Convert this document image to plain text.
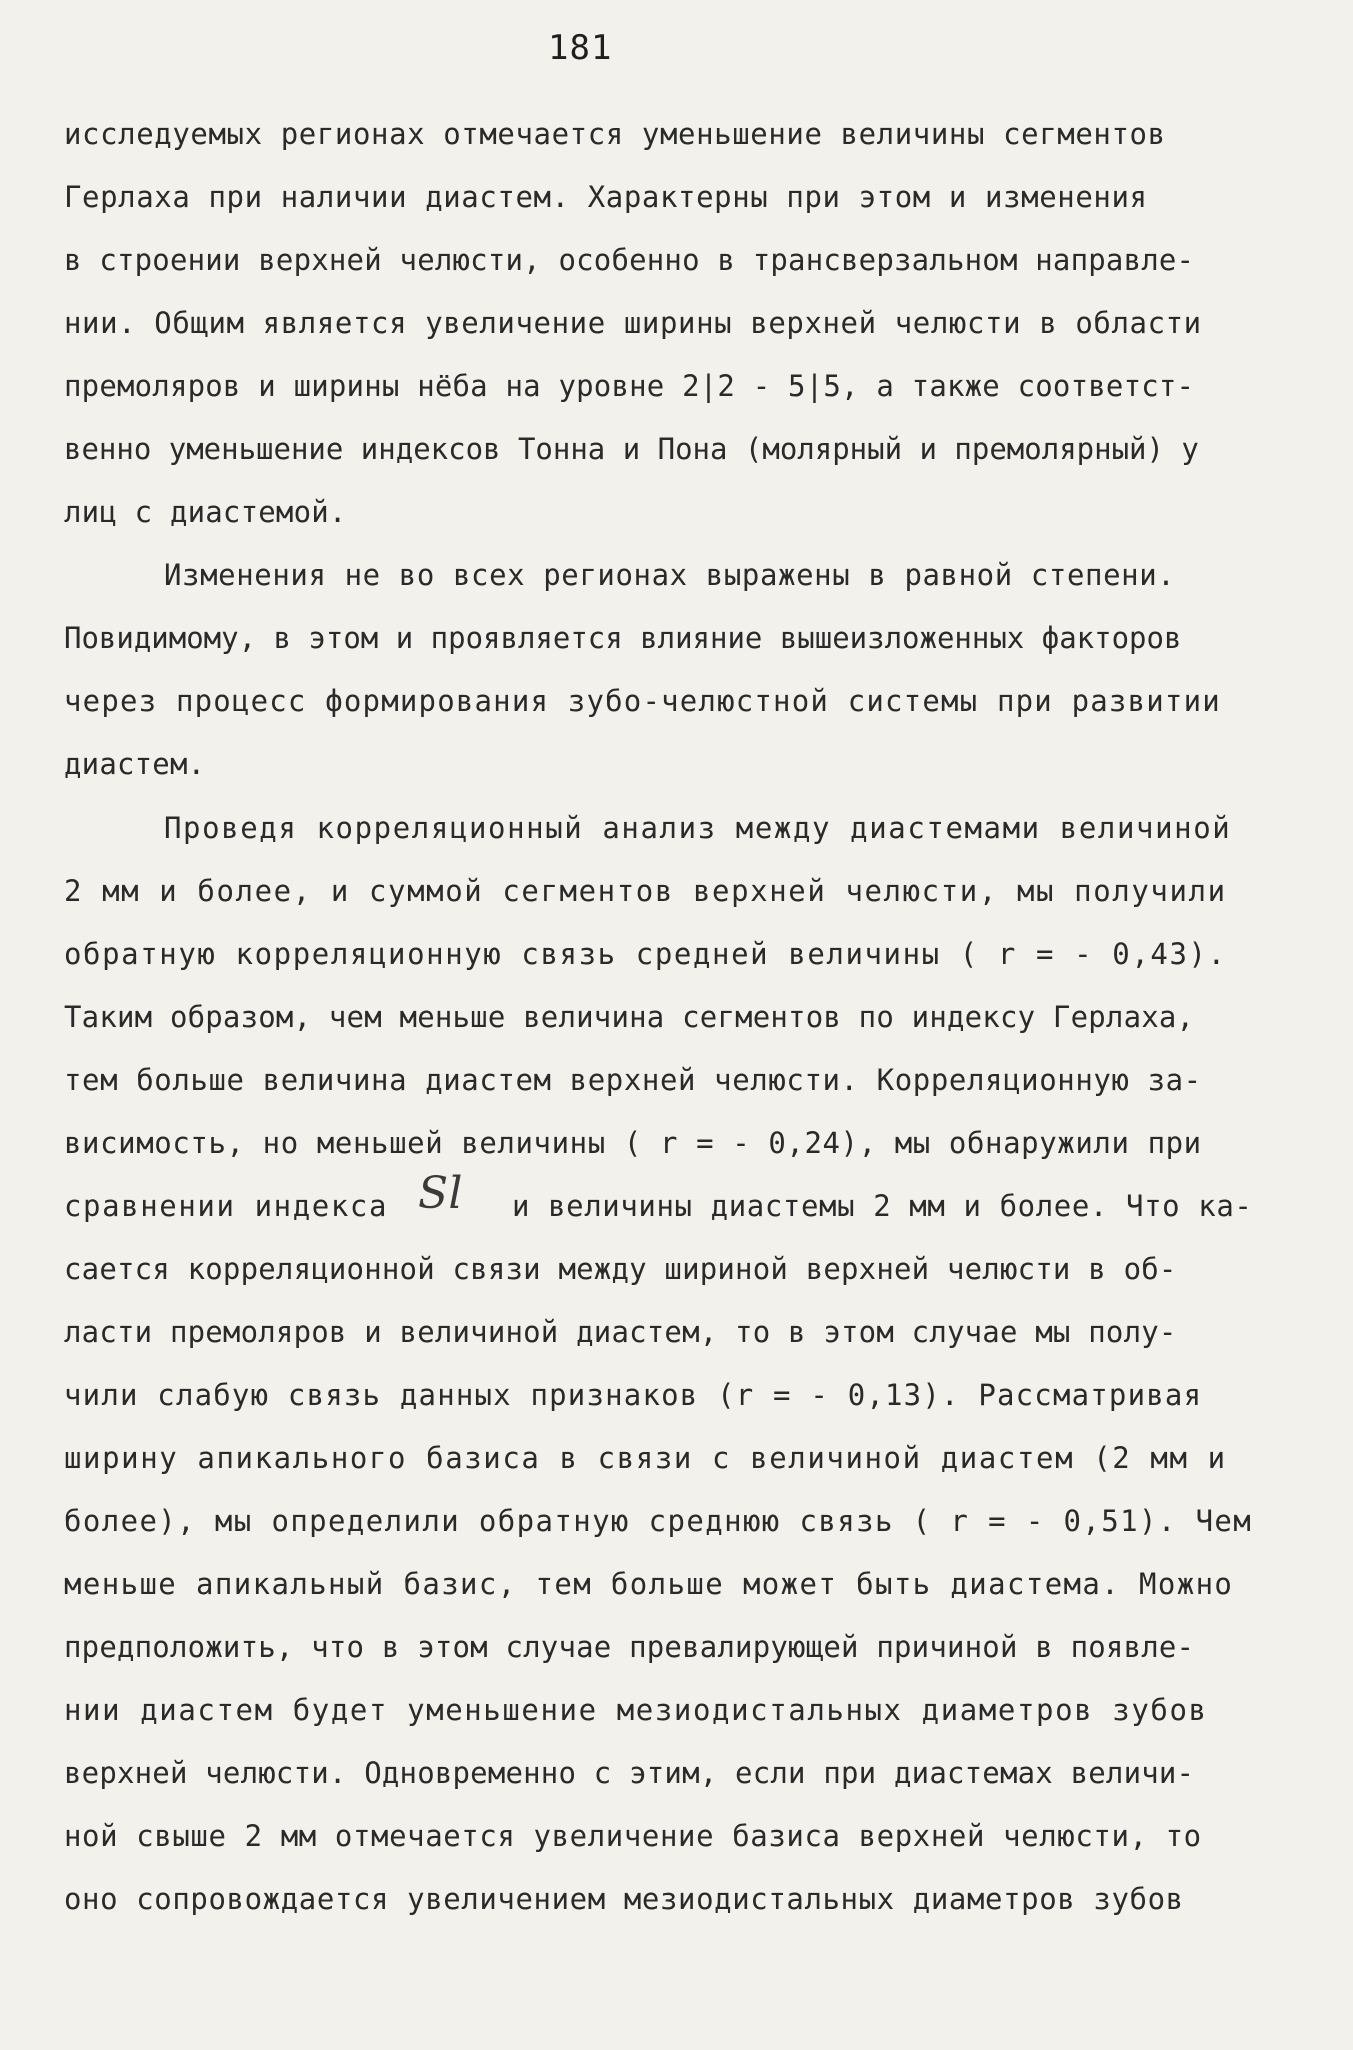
181
исследуемых регионах отмечается уменьшение величины сегментов
Герлаха при наличии диастем. Характерны при этом и изменения
в строении верхней челюсти, особенно в трансверзальном направле-
нии. Общим является увеличение ширины верхней челюсти в области
премоляров и ширины нёба на уровне 2|2 - 5|5, а также соответст-
венно уменьшение индексов Тонна и Пона (молярный и премолярный) у
лиц с диастемой.
Изменения не во всех регионах выражены в равной степени.
Повидимому, в этом и проявляется влияние вышеизложенных факторов
через процесс формирования зубо-челюстной системы при развитии
диастем.
Проведя корреляционный анализ между диастемами величиной
2 мм и более, и суммой сегментов верхней челюсти, мы получили
обратную корреляционную связь средней величины ( r = - 0,43).
Таким образом, чем меньше величина сегментов по индексу Герлаха,
тем больше величина диастем верхней челюсти. Корреляционную за-
висимость, но меньшей величины ( r = - 0,24), мы обнаружили при
сравнении индекса Sl и величины диастемы 2 мм и более. Что ка-
сается корреляционной связи между шириной верхней челюсти в об-
ласти премоляров и величиной диастем, то в этом случае мы полу-
чили слабую связь данных признаков (r = - 0,13). Рассматривая
ширину апикального базиса в связи с величиной диастем (2 мм и
более), мы определили обратную среднюю связь ( r = - 0,51). Чем
меньше апикальный базис, тем больше может быть диастема. Можно
предположить, что в этом случае превалирующей причиной в появле-
нии диастем будет уменьшение мезиодистальных диаметров зубов
верхней челюсти. Одновременно с этим, если при диастемах величи-
ной свыше 2 мм отмечается увеличение базиса верхней челюсти, то
оно сопровождается увеличением мезиодистальных диаметров зубов
